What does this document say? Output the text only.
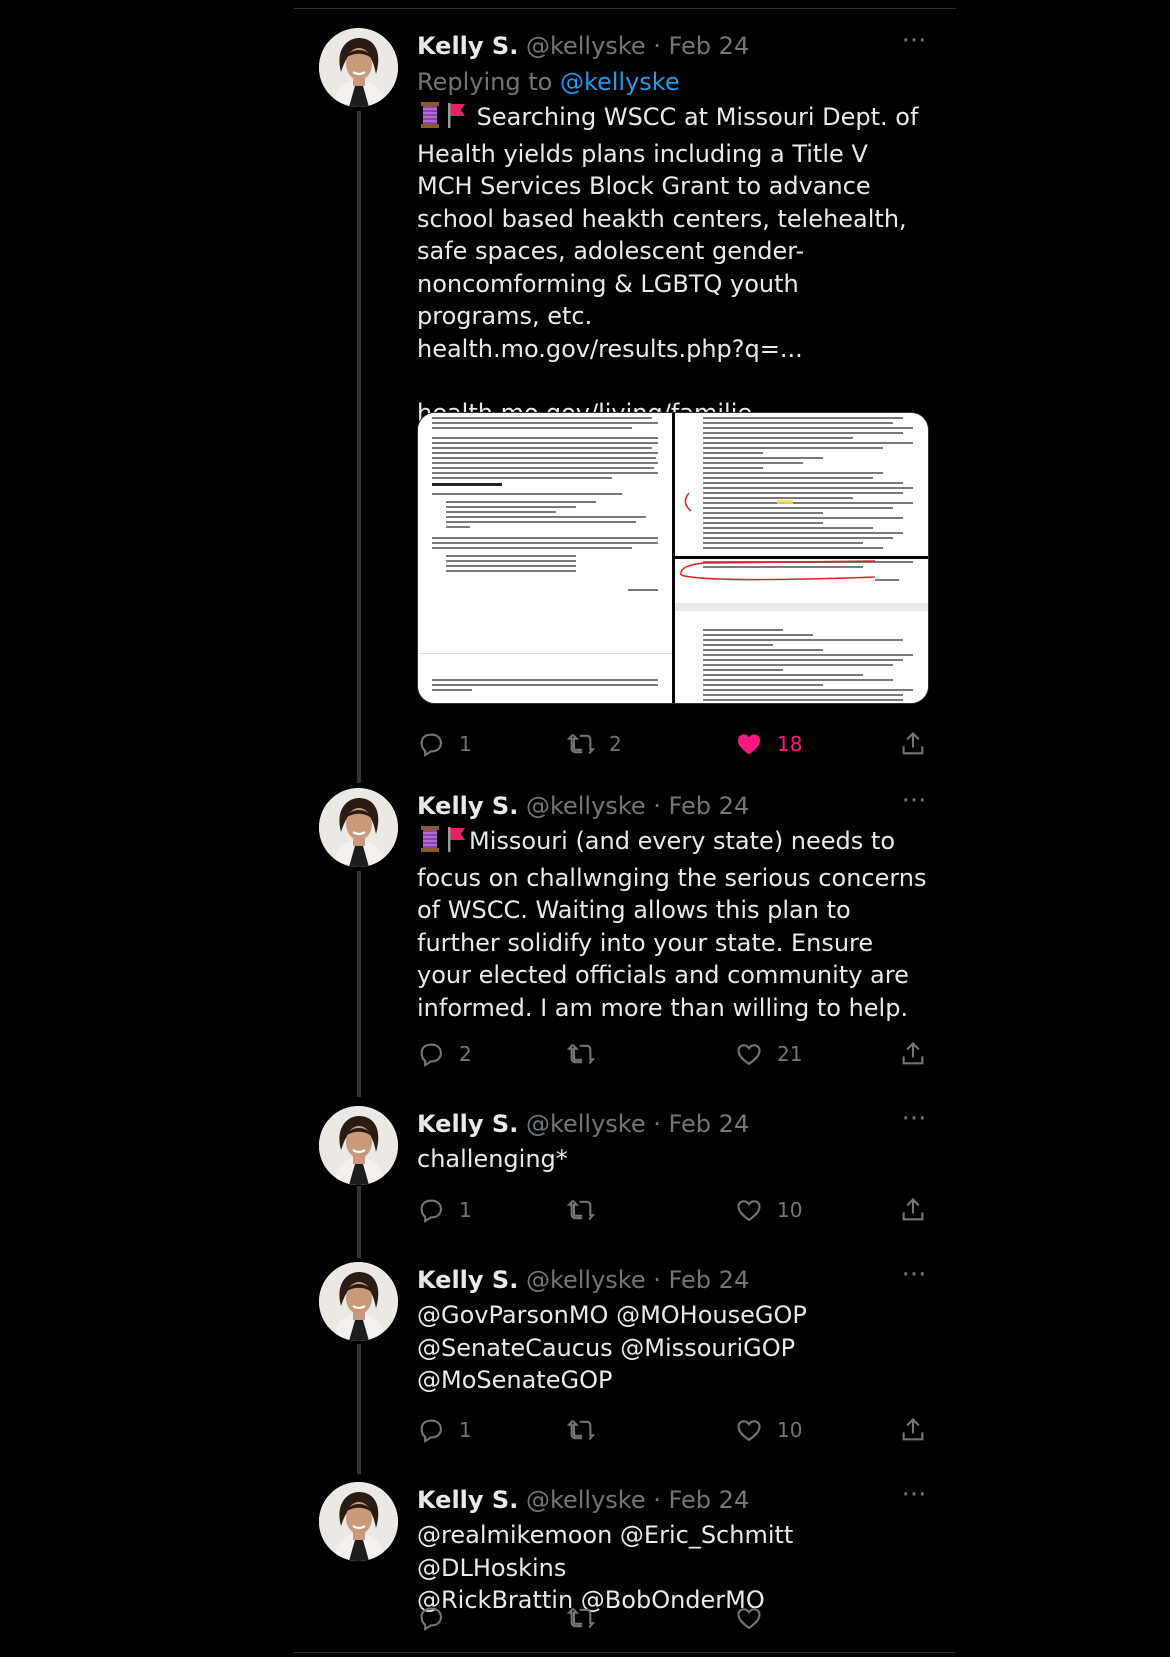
Kelly S. @kellyske · Feb 24
Replying to @kellyske
Searching WSCC at Missouri Dept. of Health yields plans including a Title V MCH Services Block Grant to advance school based heakth centers, telehealth, safe spaces, adolescent gender-noncomforming & LGBTQ youth programs, etc.
health.mo.gov/results.php?q=...
1	2	18
···
Kelly S. @kellyske · Feb 24
Missouri (and every state) needs to focus on challwnging the serious concerns of WSCC. Waiting allows this plan to further solidify into your state. Ensure your elected officials and community are informed. I am more than willing to help.
2	21
···
Kelly S. @kellyske · Feb 24
challenging*
1	10
···
Kelly S. @kellyske · Feb 24
@GovParsonMO @MOHouseGOP
@SenateCaucus @MissouriGOP
@MoSenateGOP
1	10
···
Kelly S. @kellyske · Feb 24
@realmikemoon @Eric_Schmitt  @DLHoskins
@RickBrattin @BobOnderMO
···
